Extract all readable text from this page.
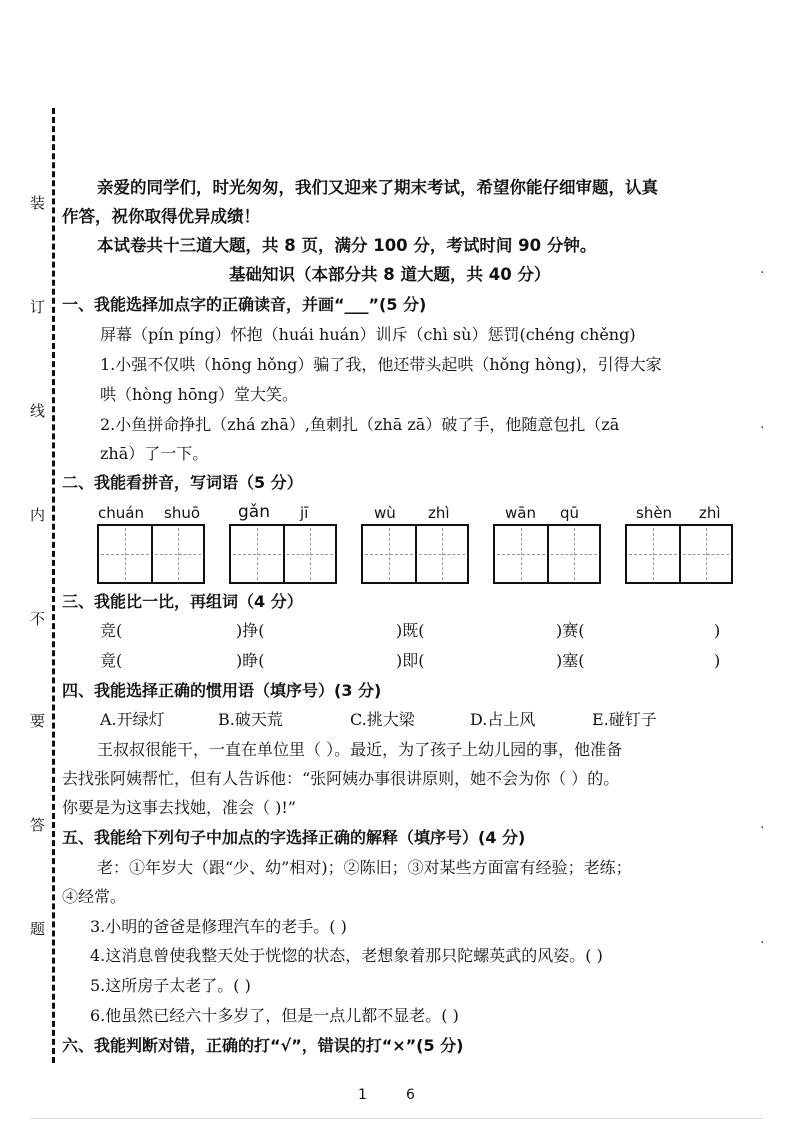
装
订
线
内
不
要
答
题
·
·
·
·
亲爱的同学们，时光匆匆，我们又迎来了期末考试，希望你能仔细审题，认真
作答，祝你取得优异成绩！
本试卷共十三道大题，共 8 页，满分 100 分，考试时间 90 分钟。
基础知识（本部分共 8 道大题，共 40 分）
一、我能选择加点字的正确读音，并画“___”(5 分)
屏幕（pín píng）怀抱（huái huán）训斥（chì sù）惩罚(chéng chěng)
1.小强不仅哄（hōng hǒng）骗了我，他还带头起哄（hǒng hòng)，引得大家
哄（hòng hōng）堂大笑。
2.小鱼拼命挣扎（zhá zhā）,鱼刺扎（zhā zā）破了手，他随意包扎（zā
zhā）了一下。
二、我能看拼音，写词语（5 分）
chuán shuō gǎn jī	wù zhì	wān qū	shèn zhì
三、我能比一比，再组词（4 分）
竞(	)挣(	)既(	)赛(	)
竟(	)睁(	)即(	)塞(	)
四、我能选择正确的惯用语（填序号）(3 分)
A.开绿灯	B.破天荒	C.挑大梁	D.占上风	E.碰钉子
王叔叔很能干，一直在单位里（ ）。最近，为了孩子上幼儿园的事，他准备
去找张阿姨帮忙，但有人告诉他：“张阿姨办事很讲原则，她不会为你（ ）的。
你要是为这事去找她，准会（ )!”
五、我能给下列句子中加点的字选择正确的解释（填序号）(4 分)
老：①年岁大（跟“少、幼”相对)；②陈旧；③对某些方面富有经验；老练；
④经常。
3.小明的爸爸是修理汽车的老手。( )
4.这消息曾使我整天处于恍惚的状态，老想象着那只陀螺英武的风姿。( )
5.这所房子太老了。( )
6.他虽然已经六十多岁了，但是一点儿都不显老。( )
六、我能判断对错，正确的打“√”，错误的打“×”(5 分)
1	6
